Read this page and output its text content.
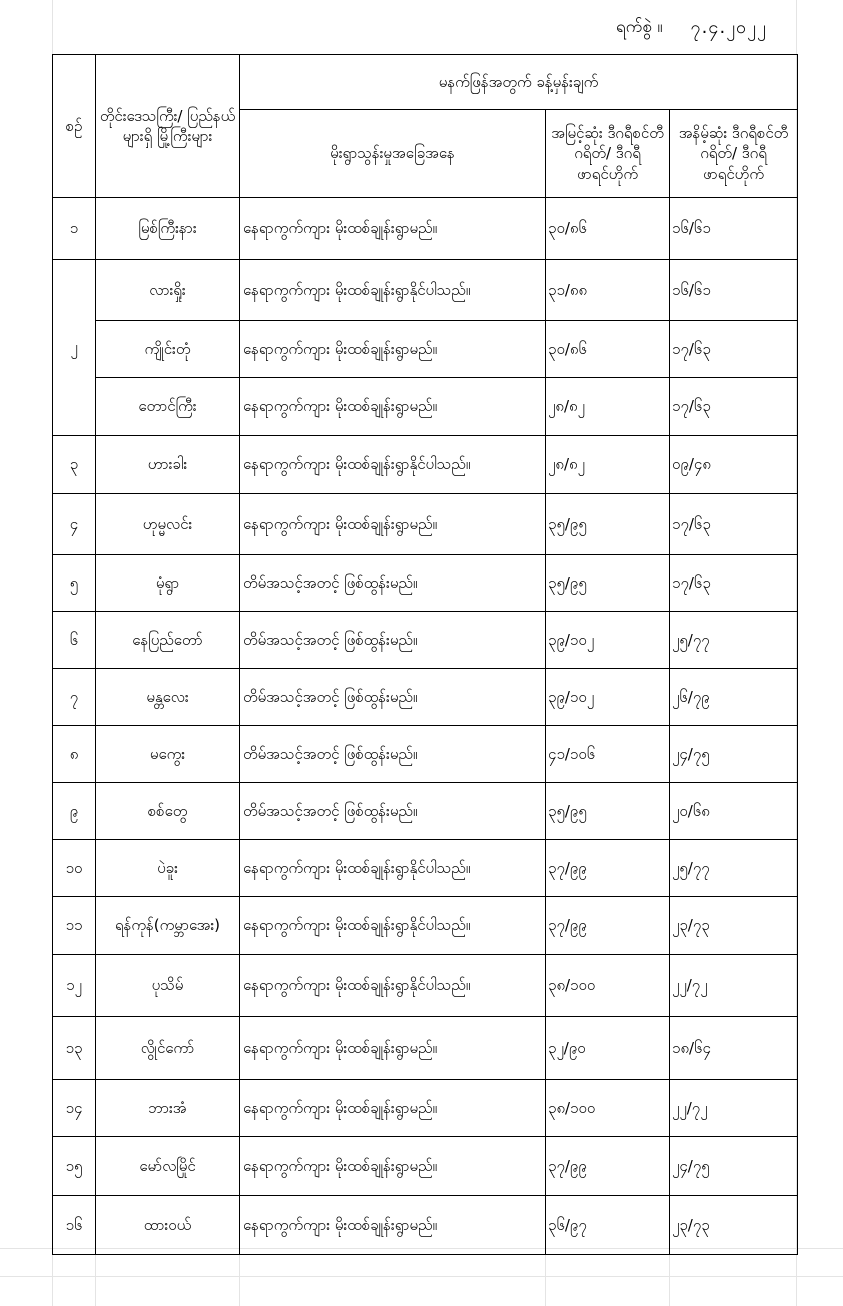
ရက်စွဲ ။ ၇.၄.၂၀၂၂
စဉ်	တိုင်းဒေသကြီး/ ပြည်နယ်များရှိ မြို့ကြီးများ	မနက်ဖြန်အတွက် ခန့်မှန်းချက်		
		မိုးရွာသွန်းမှုအခြေအနေ	အမြင့်ဆုံး ဒီဂရီစင်တီဂရိတ်/ ဒီဂရီဖာရင်ဟိုက်	အနိမ့်ဆုံး ဒီဂရီစင်တီဂရိတ်/ ဒီဂရီဖာရင်ဟိုက်
၁	မြစ်ကြီးနား	နေရာကွက်ကျား မိုးထစ်ချုန်းရွာမည်။	၃၀/၈၆	၁၆/၆၁
၂	လားရှိုး	နေရာကွက်ကျား မိုးထစ်ချုန်းရွာနိုင်ပါသည်။	၃၁/၈၈	၁၆/၆၁
	ကျိုင်းတုံ	နေရာကွက်ကျား မိုးထစ်ချုန်းရွာမည်။	၃၀/၈၆	၁၇/၆၃
	တောင်ကြီး	နေရာကွက်ကျား မိုးထစ်ချုန်းရွာမည်။	၂၈/၈၂	၁၇/၆၃
၃	ဟားခါး	နေရာကွက်ကျား မိုးထစ်ချုန်းရွာနိုင်ပါသည်။	၂၈/၈၂	၀၉/၄၈
၄	ဟုမ္မလင်း	နေရာကွက်ကျား မိုးထစ်ချုန်းရွာမည်။	၃၅/၉၅	၁၇/၆၃
၅	မုံရွာ	တိမ်အသင့်အတင့် ဖြစ်ထွန်းမည်။	၃၅/၉၅	၁၇/၆၃
၆	နေပြည်တော်	တိမ်အသင့်အတင့် ဖြစ်ထွန်းမည်။	၃၉/၁၀၂	၂၅/၇၇
၇	မန္တလေး	တိမ်အသင့်အတင့် ဖြစ်ထွန်းမည်။	၃၉/၁၀၂	၂၆/၇၉
၈	မကွေး	တိမ်အသင့်အတင့် ဖြစ်ထွန်းမည်။	၄၁/၁၀၆	၂၄/၇၅
၉	စစ်တွေ	တိမ်အသင့်အတင့် ဖြစ်ထွန်းမည်။	၃၅/၉၅	၂၀/၆၈
၁၀	ပဲခူး	နေရာကွက်ကျား မိုးထစ်ချုန်းရွာနိုင်ပါသည်။	၃၇/၉၉	၂၅/၇၇
၁၁	ရန်ကုန်(ကမ္ဘာအေး)	နေရာကွက်ကျား မိုးထစ်ချုန်းရွာနိုင်ပါသည်။	၃၇/၉၉	၂၃/၇၃
၁၂	ပုသိမ်	နေရာကွက်ကျား မိုးထစ်ချုန်းရွာနိုင်ပါသည်။	၃၈/၁၀၀	၂၂/၇၂
၁၃	လွိုင်ကော်	နေရာကွက်ကျား မိုးထစ်ချုန်းရွာမည်။	၃၂/၉၀	၁၈/၆၄
၁၄	ဘားအံ	နေရာကွက်ကျား မိုးထစ်ချုန်းရွာမည်။	၃၈/၁၀၀	၂၂/၇၂
၁၅	မော်လမြိုင်	နေရာကွက်ကျား မိုးထစ်ချုန်းရွာမည်။	၃၇/၉၉	၂၄/၇၅
၁၆	ထားဝယ်	နေရာကွက်ကျား မိုးထစ်ချုန်းရွာမည်။	၃၆/၉၇	၂၃/၇၃
